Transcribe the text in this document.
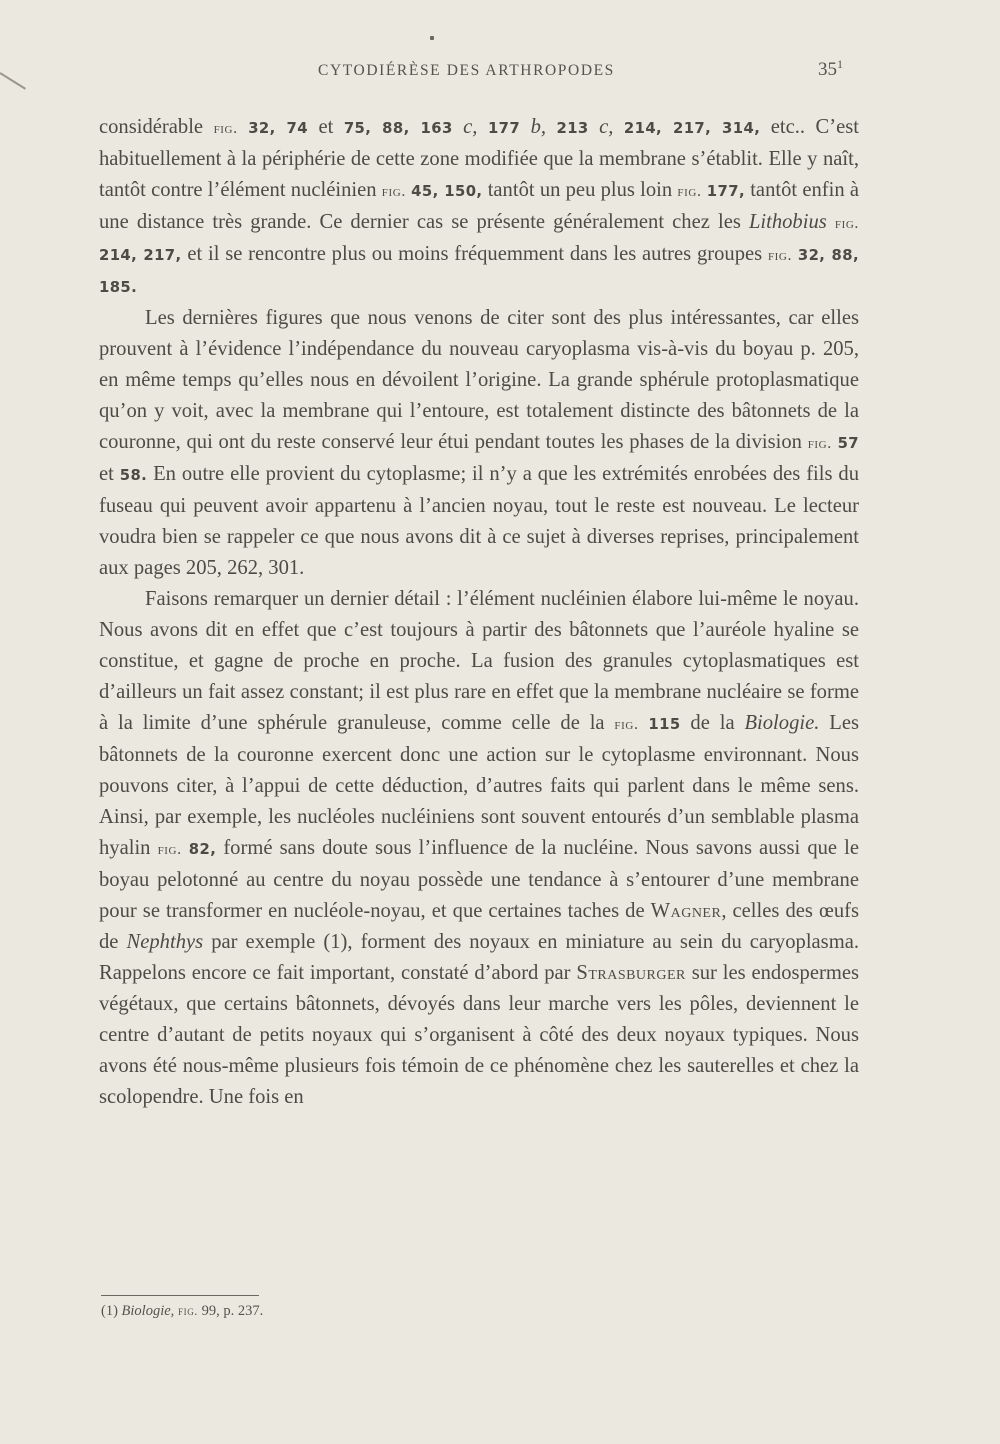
CYTODIÉRÈSE DES ARTHROPODES	$35^1$

considérable fig. 32, 74 et 75, 88, 163 c, 177 b, 213 c, 214, 217, 314, etc.. C’est habituellement à la périphérie de cette zone modifiée que la membrane s’établit. Elle y naît, tantôt contre l’élément nucléinien fig. 45, 150, tantôt un peu plus loin fig. 177, tantôt enfin à une distance très grande. Ce dernier cas se présente généralement chez les Lithobius fig. 214, 217, et il se rencontre plus ou moins fréquemment dans les autres groupes fig. 32, 88, 185.

Les dernières figures que nous venons de citer sont des plus intéressantes, car elles prouvent à l’évidence l’indépendance du nouveau caryoplasma vis-à-vis du boyau p. 205, en même temps qu’elles nous en dévoilent l’origine. La grande sphérule protoplasmatique qu’on y voit, avec la membrane qui l’entoure, est totalement distincte des bâtonnets de la couronne, qui ont du reste conservé leur étui pendant toutes les phases de la division fig. 57 et 58. En outre elle provient du cytoplasme; il n’y a que les extrémités enrobées des fils du fuseau qui peuvent avoir appartenu à l’ancien noyau, tout le reste est nouveau. Le lecteur voudra bien se rappeler ce que nous avons dit à ce sujet à diverses reprises, principalement aux pages 205, 262, 301.

Faisons remarquer un dernier détail : l’élément nucléinien élabore lui-même le noyau. Nous avons dit en effet que c’est toujours à partir des bâtonnets que l’auréole hyaline se constitue, et gagne de proche en proche. La fusion des granules cytoplasmatiques est d’ailleurs un fait assez constant; il est plus rare en effet que la membrane nucléaire se forme à la limite d’une sphérule granuleuse, comme celle de la fig. 115 de la Biologie. Les bâtonnets de la couronne exercent donc une action sur le cytoplasme environnant. Nous pouvons citer, à l’appui de cette déduction, d’autres faits qui parlent dans le même sens. Ainsi, par exemple, les nucléoles nucléiniens sont souvent entourés d’un semblable plasma hyalin fig. 82, formé sans doute sous l’influence de la nucléine. Nous savons aussi que le boyau pelotonné au centre du noyau possède une tendance à s’entourer d’une membrane pour se transformer en nucléole-noyau, et que certaines taches de Wagner, celles des œufs de Nephthys par exemple (1), forment des noyaux en miniature au sein du caryoplasma. Rappelons encore ce fait important, constaté d’abord par Strasburger sur les endospermes végétaux, que certains bâtonnets, dévoyés dans leur marche vers les pôles, deviennent le centre d’autant de petits noyaux qui s’organisent à côté des deux noyaux typiques. Nous avons été nous-même plusieurs fois témoin de ce phénomène chez les sauterelles et chez la scolopendre. Une fois en

(1) Biologie, fig. 99, p. 237.
